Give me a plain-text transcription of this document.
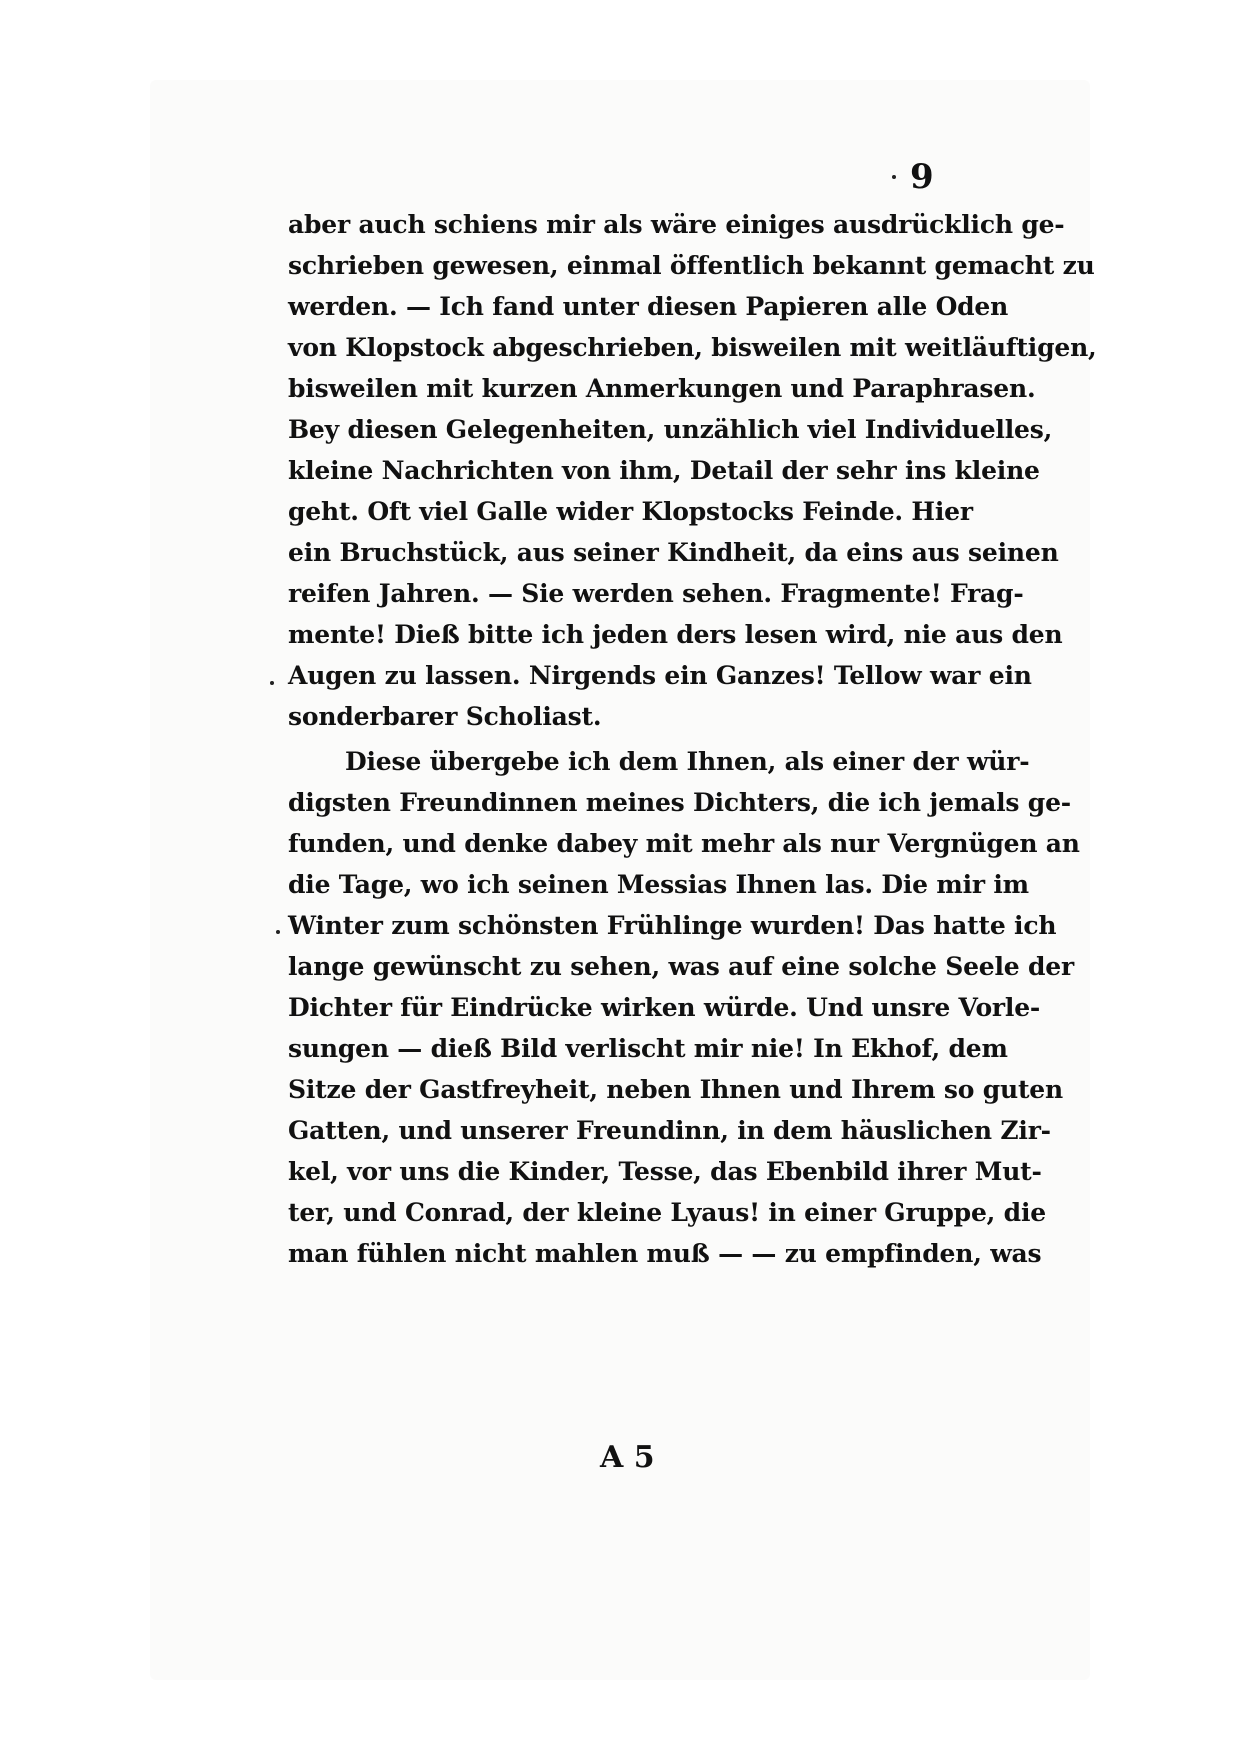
9
aber auch schiens mir als wäre einiges ausdrücklich ge-
schrieben gewesen, einmal öffentlich bekannt gemacht zu
werden. — Ich fand unter diesen Papieren alle Oden
von Klopstock abgeschrieben, bisweilen mit weitläuftigen,
bisweilen mit kurzen Anmerkungen und Paraphrasen.
Bey diesen Gelegenheiten, unzählich viel Individuelles,
kleine Nachrichten von ihm, Detail der sehr ins kleine
geht. Oft viel Galle wider Klopstocks Feinde. Hier
ein Bruchstück, aus seiner Kindheit, da eins aus seinen
reifen Jahren. — Sie werden sehen. Fragmente! Frag-
mente! Dieß bitte ich jeden ders lesen wird, nie aus den
Augen zu lassen. Nirgends ein Ganzes! Tellow war ein
sonderbarer Scholiast.
Diese übergebe ich dem Ihnen, als einer der wür-
digsten Freundinnen meines Dichters, die ich jemals ge-
funden, und denke dabey mit mehr als nur Vergnügen an
die Tage, wo ich seinen Messias Ihnen las. Die mir im
Winter zum schönsten Frühlinge wurden! Das hatte ich
lange gewünscht zu sehen, was auf eine solche Seele der
Dichter für Eindrücke wirken würde. Und unsre Vorle-
sungen — dieß Bild verlischt mir nie! In Ekhof, dem
Sitze der Gastfreyheit, neben Ihnen und Ihrem so guten
Gatten, und unserer Freundinn, in dem häuslichen Zir-
kel, vor uns die Kinder, Tesse, das Ebenbild ihrer Mut-
ter, und Conrad, der kleine Lyaus! in einer Gruppe, die
man fühlen nicht mahlen muß — — zu empfinden, was
A 5
